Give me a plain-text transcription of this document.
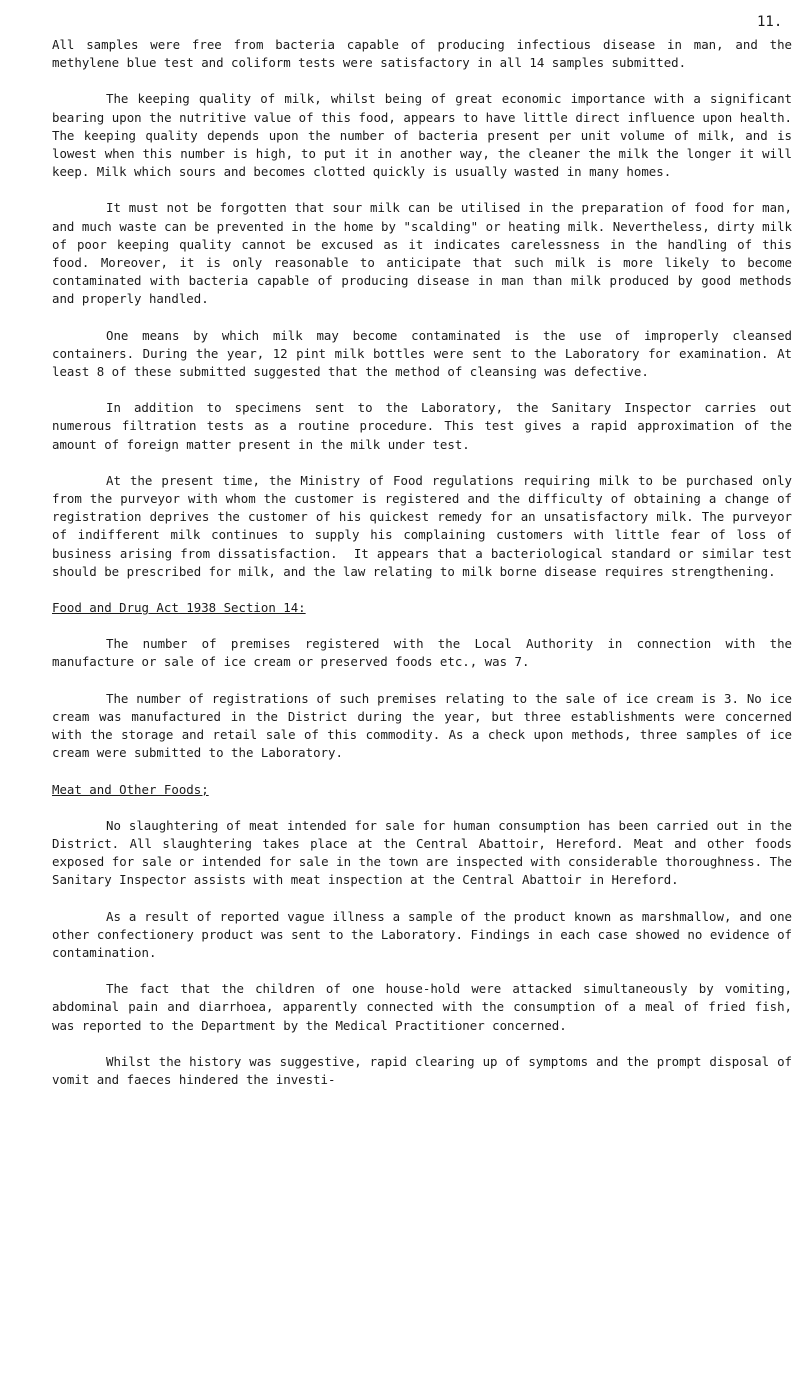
11.

All samples were free from bacteria capable of producing infectious disease in man, and the methylene blue test and coliform tests were satisfactory in all 14 samples submitted.

The keeping quality of milk, whilst being of great economic importance with a significant bearing upon the nutritive value of this food, appears to have little direct influence upon health. The keeping quality depends upon the number of bacteria present per unit volume of milk, and is lowest when this number is high, to put it in another way, the cleaner the milk the longer it will keep. Milk which sours and becomes clotted quickly is usually wasted in many homes.

It must not be forgotten that sour milk can be utilised in the preparation of food for man, and much waste can be prevented in the home by "scalding" or heating milk. Nevertheless, dirty milk of poor keeping quality cannot be excused as it indicates carelessness in the handling of this food. Moreover, it is only reasonable to anticipate that such milk is more likely to become contaminated with bacteria capable of producing disease in man than milk produced by good methods and properly handled.

One means by which milk may become contaminated is the use of improperly cleansed containers. During the year, 12 pint milk bottles were sent to the Laboratory for examination. At least 8 of these submitted suggested that the method of cleansing was defective.

In addition to specimens sent to the Laboratory, the Sanitary Inspector carries out numerous filtration tests as a routine procedure. This test gives a rapid approximation of the amount of foreign matter present in the milk under test.

At the present time, the Ministry of Food regulations requiring milk to be purchased only from the purveyor with whom the customer is registered and the difficulty of obtaining a change of registration deprives the customer of his quickest remedy for an unsatisfactory milk. The purveyor of indifferent milk continues to supply his complaining customers with little fear of loss of business arising from dissatisfaction.  It appears that a bacteriological standard or similar test should be prescribed for milk, and the law relating to milk borne disease requires strengthening.

Food and Drug Act 1938 Section 14:

The number of premises registered with the Local Authority in connection with the manufacture or sale of ice cream or preserved foods etc., was 7.

The number of registrations of such premises relating to the sale of ice cream is 3. No ice cream was manufactured in the District during the year, but three establishments were concerned with the storage and retail sale of this commodity. As a check upon methods, three samples of ice cream were submitted to the Laboratory.

Meat and Other Foods;

No slaughtering of meat intended for sale for human consumption has been carried out in the District. All slaughtering takes place at the Central Abattoir, Hereford. Meat and other foods exposed for sale or intended for sale in the town are inspected with considerable thoroughness. The Sanitary Inspector assists with meat inspection at the Central Abattoir in Hereford.

As a result of reported vague illness a sample of the product known as marshmallow, and one other confectionery product was sent to the Laboratory. Findings in each case showed no evidence of contamination.

The fact that the children of one house-hold were attacked simultaneously by vomiting, abdominal pain and diarrhoea, apparently connected with the consumption of a meal of fried fish, was reported to the Department by the Medical Practitioner concerned.

Whilst the history was suggestive, rapid clearing up of symptoms and the prompt disposal of vomit and faeces hindered the investi-
